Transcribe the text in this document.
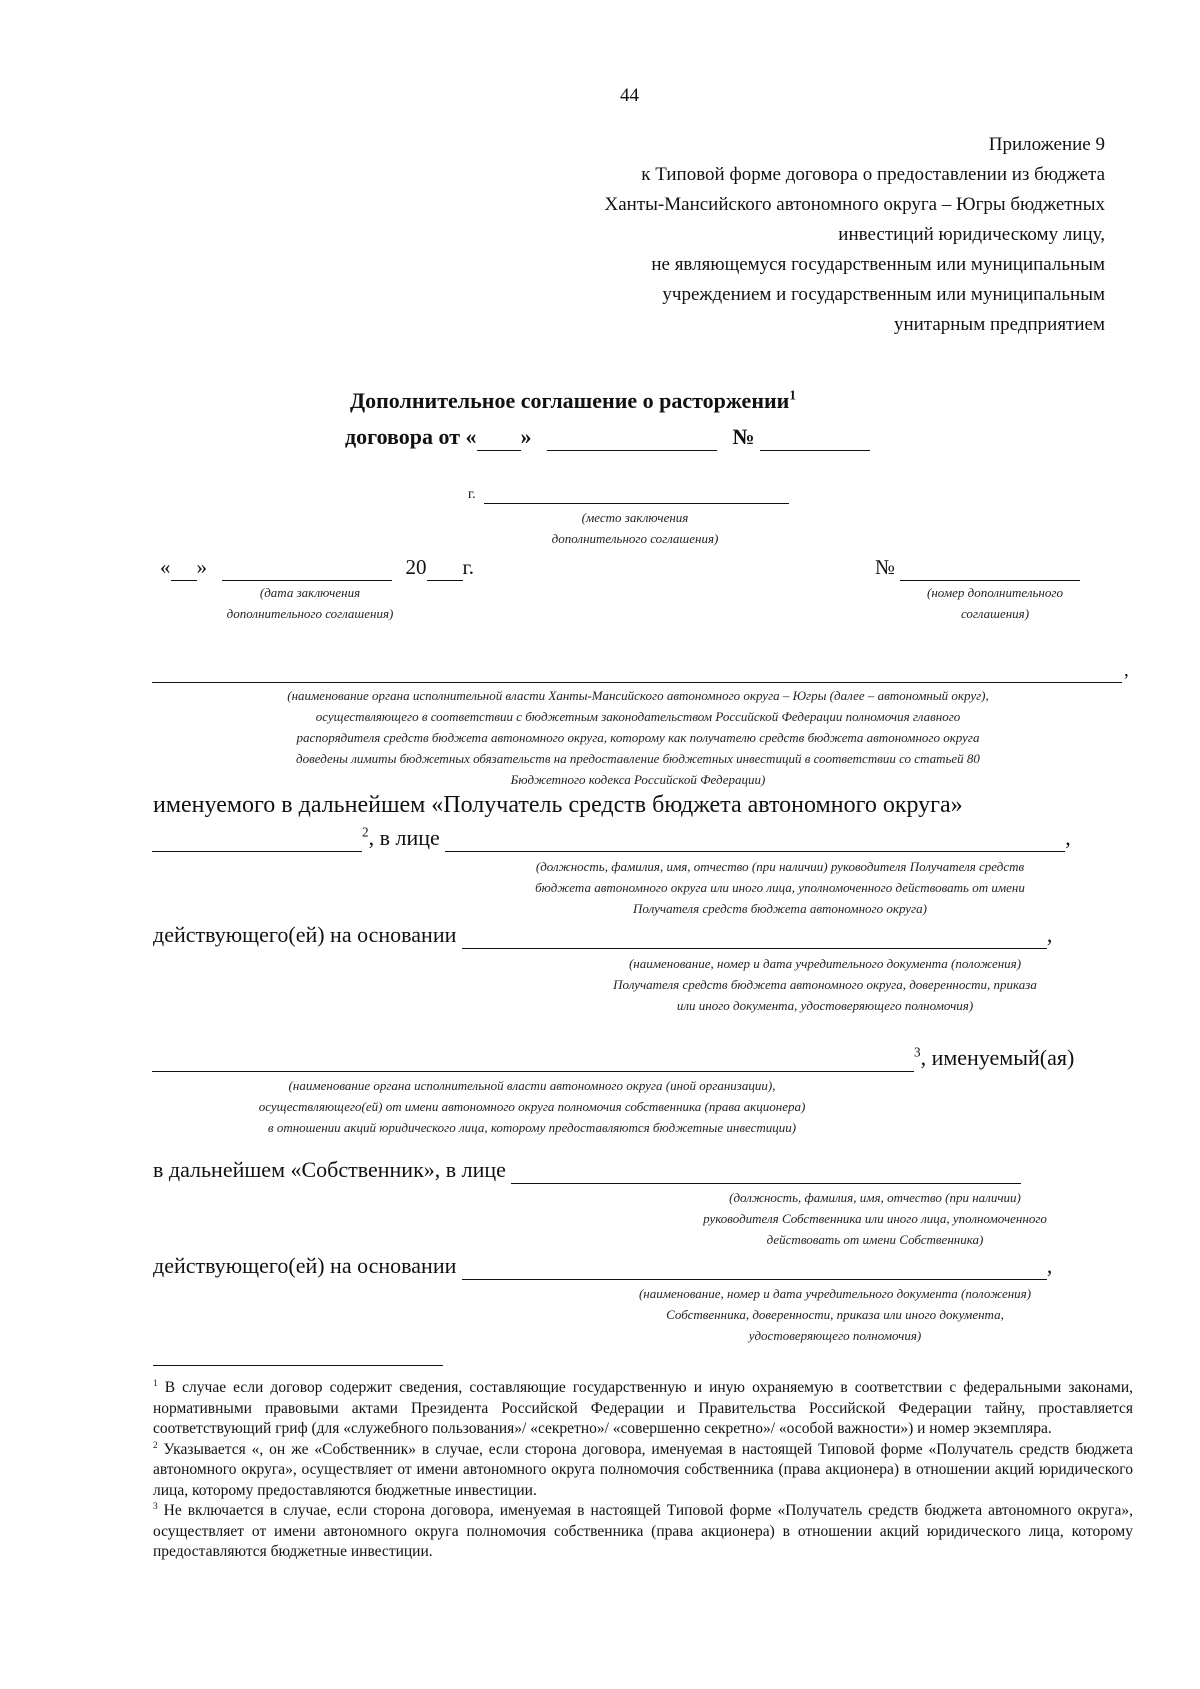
44
Приложение 9
к Типовой форме договора о предоставлении из бюджета
Ханты-Мансийского автономного округа – Югры бюджетных
инвестиций юридическому лицу,
не являющемуся государственным или муниципальным
учреждением и государственным или муниципальным
унитарным предприятием
Дополнительное соглашение о расторжении$^1$
договора от « »	№
г.
(место заключения
дополнительного соглашения)
« »	20 г.
(дата заключения
дополнительного соглашения)
№
(номер дополнительного
соглашения)
,
(наименование органа исполнительной власти Ханты-Мансийского автономного округа – Югры (далее – автономный округ),
осуществляющего в соответствии с бюджетным законодательством Российской Федерации полномочия главного
распорядителя средств бюджета автономного округа, которому как получателю средств бюджета автономного округа
доведены лимиты бюджетных обязательств на предоставление бюджетных инвестиций в соответствии со статьей 80
Бюджетного кодекса Российской Федерации)
именуемого в дальнейшем «Получатель средств бюджета автономного округа»
$^2$, в лице	,
(должность, фамилия, имя, отчество (при наличии) руководителя Получателя средств
бюджета автономного округа или иного лица, уполномоченного действовать от имени
Получателя средств бюджета автономного округа)
действующего(ей) на основании	,
(наименование, номер и дата учредительного документа (положения)
Получателя средств бюджета автономного округа, доверенности, приказа
или иного документа, удостоверяющего полномочия)
$^3$, именуемый(ая)
(наименование органа исполнительной власти автономного округа (иной организации),
осуществляющего(ей) от имени автономного округа полномочия собственника (права акционера)
в отношении акций юридического лица, которому предоставляются бюджетные инвестиции)
в дальнейшем «Собственник», в лице
(должность, фамилия, имя, отчество (при наличии)
руководителя Собственника или иного лица, уполномоченного
действовать от имени Собственника)
действующего(ей) на основании	,
(наименование, номер и дата учредительного документа (положения)
Собственника, доверенности, приказа или иного документа,
удостоверяющего полномочия)

$^1$ В случае если договор содержит сведения, составляющие государственную и иную охраняемую в соответствии с федеральными законами, нормативными правовыми актами Президента Российской Федерации и Правительства Российской Федерации тайну, проставляется соответствующий гриф (для «служебного пользования»/ «секретно»/ «совершенно секретно»/ «особой важности») и номер экземпляра.

$^2$ Указывается «, он же «Собственник» в случае, если сторона договора, именуемая в настоящей Типовой форме «Получатель средств бюджета автономного округа», осуществляет от имени автономного округа полномочия собственника (права акционера) в отношении акций юридического лица, которому предоставляются бюджетные инвестиции.

$^3$ Не включается в случае, если сторона договора, именуемая в настоящей Типовой форме «Получатель средств бюджета автономного округа», осуществляет от имени автономного округа полномочия собственника (права акционера) в отношении акций юридического лица, которому предоставляются бюджетные инвестиции.
